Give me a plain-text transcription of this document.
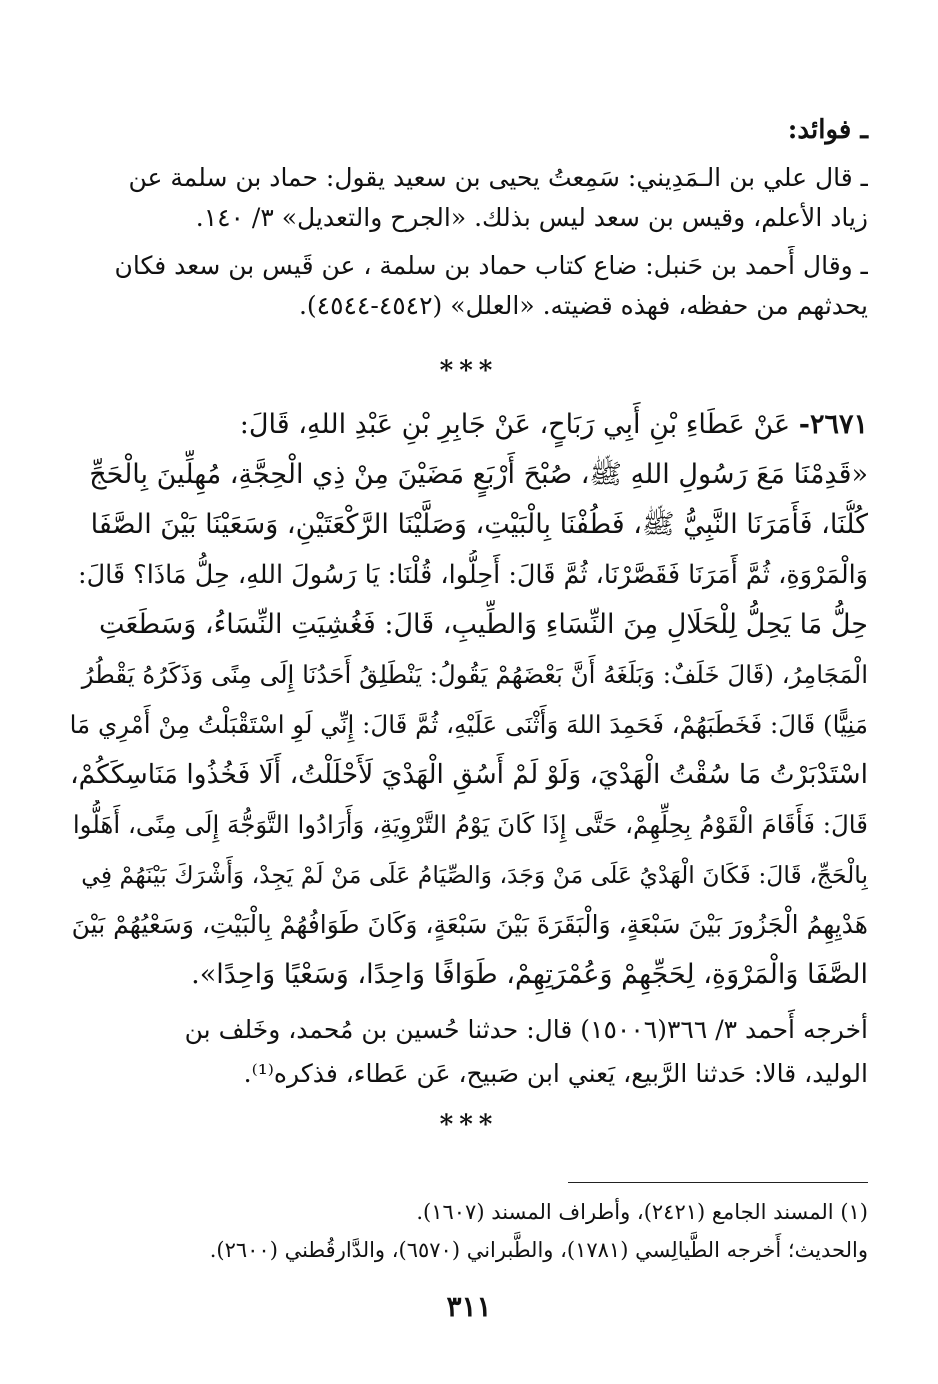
ـ فوائد:
ـ قال علي بن الـمَدِيني: سَمِعتُ يحيى بن سعيد يقول: حماد بن سلمة عن
زياد الأعلم، وقيس بن سعد ليس بذلك. «الجرح والتعديل» ٣/ ١٤٠.
ـ وقال أَحمد بن حَنبل: ضاع كتاب حماد بن سلمة ، عن قَيس بن سعد فكان
يحدثهم من حفظه، فهذه قضيته. «العلل» (٤٥٤٢-٤٥٤٤).
***
٢٦٧١- عَنْ عَطَاءِ بْنِ أَبِي رَبَاحٍ، عَنْ جَابِرِ بْنِ عَبْدِ اللهِ، قَالَ:
«قَدِمْنَا مَعَ رَسُولِ اللهِ ﷺ، صُبْحَ أَرْبَعٍ مَضَيْنَ مِنْ ذِي الْحِجَّةِ، مُهِلِّينَ بِالْحَجِّ
كُلُّنَا، فَأَمَرَنَا النَّبِيُّ ﷺ، فَطُفْنَا بِالْبَيْتِ، وَصَلَّيْنَا الرَّكْعَتَيْنِ، وَسَعَيْنَا بَيْنَ الصَّفَا
وَالْمَرْوَةِ، ثُمَّ أَمَرَنَا فَقَصَّرْنَا، ثُمَّ قَالَ: أَحِلُّوا، قُلْنَا: يَا رَسُولَ اللهِ، حِلُّ مَاذَا؟ قَالَ:
حِلُّ مَا يَحِلُّ لِلْحَلَالِ مِنَ النِّسَاءِ وَالطِّيبِ، قَالَ: فَغُشِيَتِ النِّسَاءُ، وَسَطَعَتِ
الْمَجَامِرُ، (قَالَ خَلَفٌ: وَبَلَغَهُ أَنَّ بَعْضَهُمْ يَقُولُ: يَنْطَلِقُ أَحَدُنَا إِلَى مِنًى وَذَكَرُهُ يَقْطُرُ
مَنِيًّا) قَالَ: فَخَطَبَهُمْ، فَحَمِدَ اللهَ وَأَثْنَى عَلَيْهِ، ثُمَّ قَالَ: إِنِّي لَوِ اسْتَقْبَلْتُ مِنْ أَمْرِي مَا
اسْتَدْبَرْتُ مَا سُقْتُ الْهَدْيَ، وَلَوْ لَمْ أَسُقِ الْهَدْيَ لَأَحْلَلْتُ، أَلَا فَخُذُوا مَنَاسِكَكُمْ،
قَالَ: فَأَقَامَ الْقَوْمُ بِحِلِّهِمْ، حَتَّى إِذَا كَانَ يَوْمُ التَّرْوِيَةِ، وَأَرَادُوا التَّوَجُّهَ إِلَى مِنًى، أَهَلُّوا
بِالْحَجِّ، قَالَ: فَكَانَ الْهَدْيُ عَلَى مَنْ وَجَدَ، وَالصِّيَامُ عَلَى مَنْ لَمْ يَجِدْ، وَأَشْرَكَ بَيْنَهُمْ فِي
هَدْيِهِمُ الْجَزُورَ بَيْنَ سَبْعَةٍ، وَالْبَقَرَةَ بَيْنَ سَبْعَةٍ، وَكَانَ طَوَافُهُمْ بِالْبَيْتِ، وَسَعْيُهُمْ بَيْنَ
الصَّفَا وَالْمَرْوَةِ، لِحَجِّهِمْ وَعُمْرَتِهِمْ، طَوَافًا وَاحِدًا، وَسَعْيًا وَاحِدًا».
أخرجه أَحمد ٣/ ٣٦٦(١٥٠٠٦) قال: حدثنا حُسين بن مُحمد، وخَلف بن
الوليد، قالا: حَدثنا الرَّبيع، يَعني ابن صَبيح، عَن عَطاء، فذكره⁽¹⁾.
***
(١) المسند الجامع (٢٤٢١)، وأطراف المسند (١٦٠٧).
والحديث؛ أَخرجه الطَّيالِسي (١٧٨١)، والطَّبراني (٦٥٧٠)، والدَّارقُطني (٢٦٠٠).
٣١١
